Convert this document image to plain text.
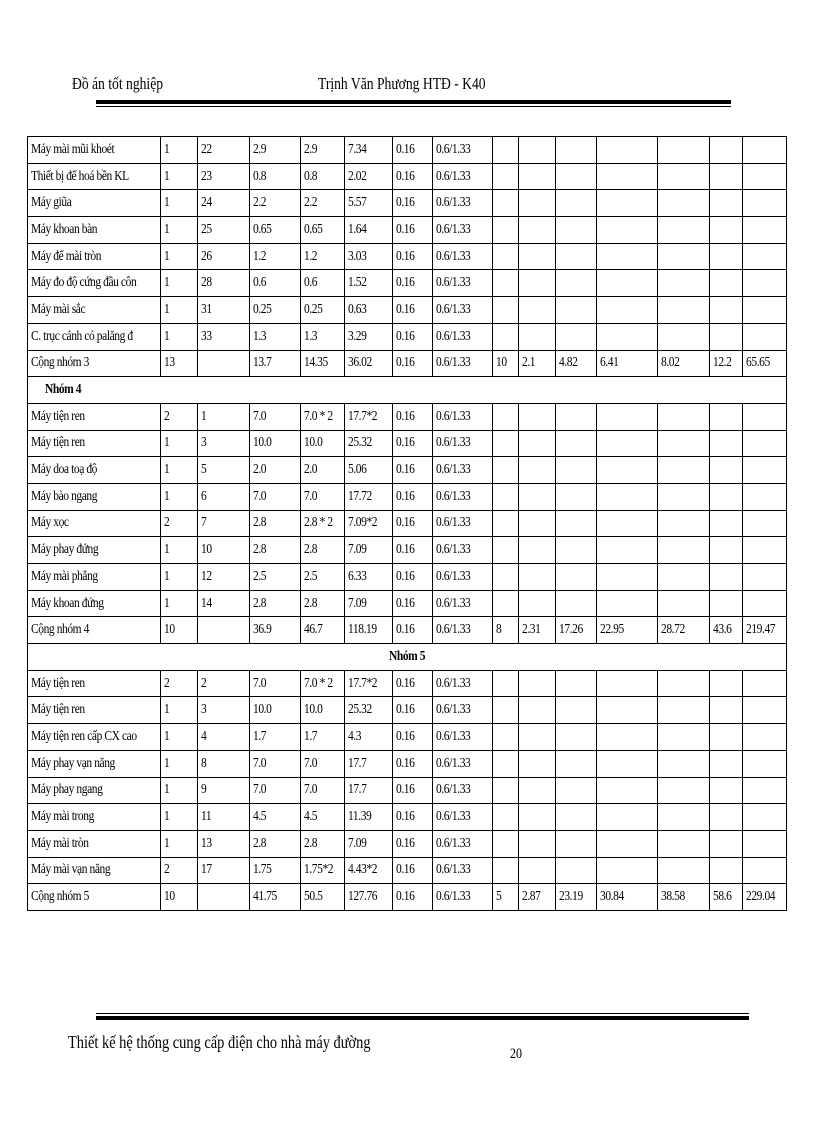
Đồ án tốt nghiệp	Trịnh Văn Phương HTĐ - K40
Máy mài mũi khoét	1	22	2.9	2.9	7.34	0.16	0.6/1.33							
Thiết bị để hoá bền KL	1	23	0.8	0.8	2.02	0.16	0.6/1.33							
Máy giũa	1	24	2.2	2.2	5.57	0.16	0.6/1.33							
Máy khoan bàn	1	25	0.65	0.65	1.64	0.16	0.6/1.33							
Máy để mài tròn	1	26	1.2	1.2	3.03	0.16	0.6/1.33							
Máy đo độ cứng đầu côn	1	28	0.6	0.6	1.52	0.16	0.6/1.33							
Máy mài sắc	1	31	0.25	0.25	0.63	0.16	0.6/1.33							
C. trục cánh có palăng đ	1	33	1.3	1.3	3.29	0.16	0.6/1.33							
Cộng nhóm 3	13		13.7	14.35	36.02	0.16	0.6/1.33	10	2.1	4.82	6.41	8.02	12.2	65.65
Nhóm 4														
Máy tiện ren	2	1	7.0	7.0 * 2	17.7*2	0.16	0.6/1.33							
Máy tiện ren	1	3	10.0	10.0	25.32	0.16	0.6/1.33							
Máy doa toạ độ	1	5	2.0	2.0	5.06	0.16	0.6/1.33							
Máy bào ngang	1	6	7.0	7.0	17.72	0.16	0.6/1.33							
Máy xọc	2	7	2.8	2.8 * 2	7.09*2	0.16	0.6/1.33							
Máy phay đứng	1	10	2.8	2.8	7.09	0.16	0.6/1.33							
Máy mài phẳng	1	12	2.5	2.5	6.33	0.16	0.6/1.33							
Máy khoan đứng	1	14	2.8	2.8	7.09	0.16	0.6/1.33							
Cộng nhóm 4	10		36.9	46.7	118.19	0.16	0.6/1.33	8	2.31	17.26	22.95	28.72	43.6	219.47
Nhóm 5														
Máy tiện ren	2	2	7.0	7.0 * 2	17.7*2	0.16	0.6/1.33							
Máy tiện ren	1	3	10.0	10.0	25.32	0.16	0.6/1.33							
Máy tiện ren cấp CX cao	1	4	1.7	1.7	4.3	0.16	0.6/1.33							
Máy phay vạn năng	1	8	7.0	7.0	17.7	0.16	0.6/1.33							
Máy phay ngang	1	9	7.0	7.0	17.7	0.16	0.6/1.33							
Máy mài trong	1	11	4.5	4.5	11.39	0.16	0.6/1.33							
Máy mài tròn	1	13	2.8	2.8	7.09	0.16	0.6/1.33							
Máy mài vạn năng	2	17	1.75	1.75*2	4.43*2	0.16	0.6/1.33							
Cộng nhóm 5	10		41.75	50.5	127.76	0.16	0.6/1.33	5	2.87	23.19	30.84	38.58	58.6	229.04
Thiết kế hệ thống cung cấp điện cho nhà máy đường
20
